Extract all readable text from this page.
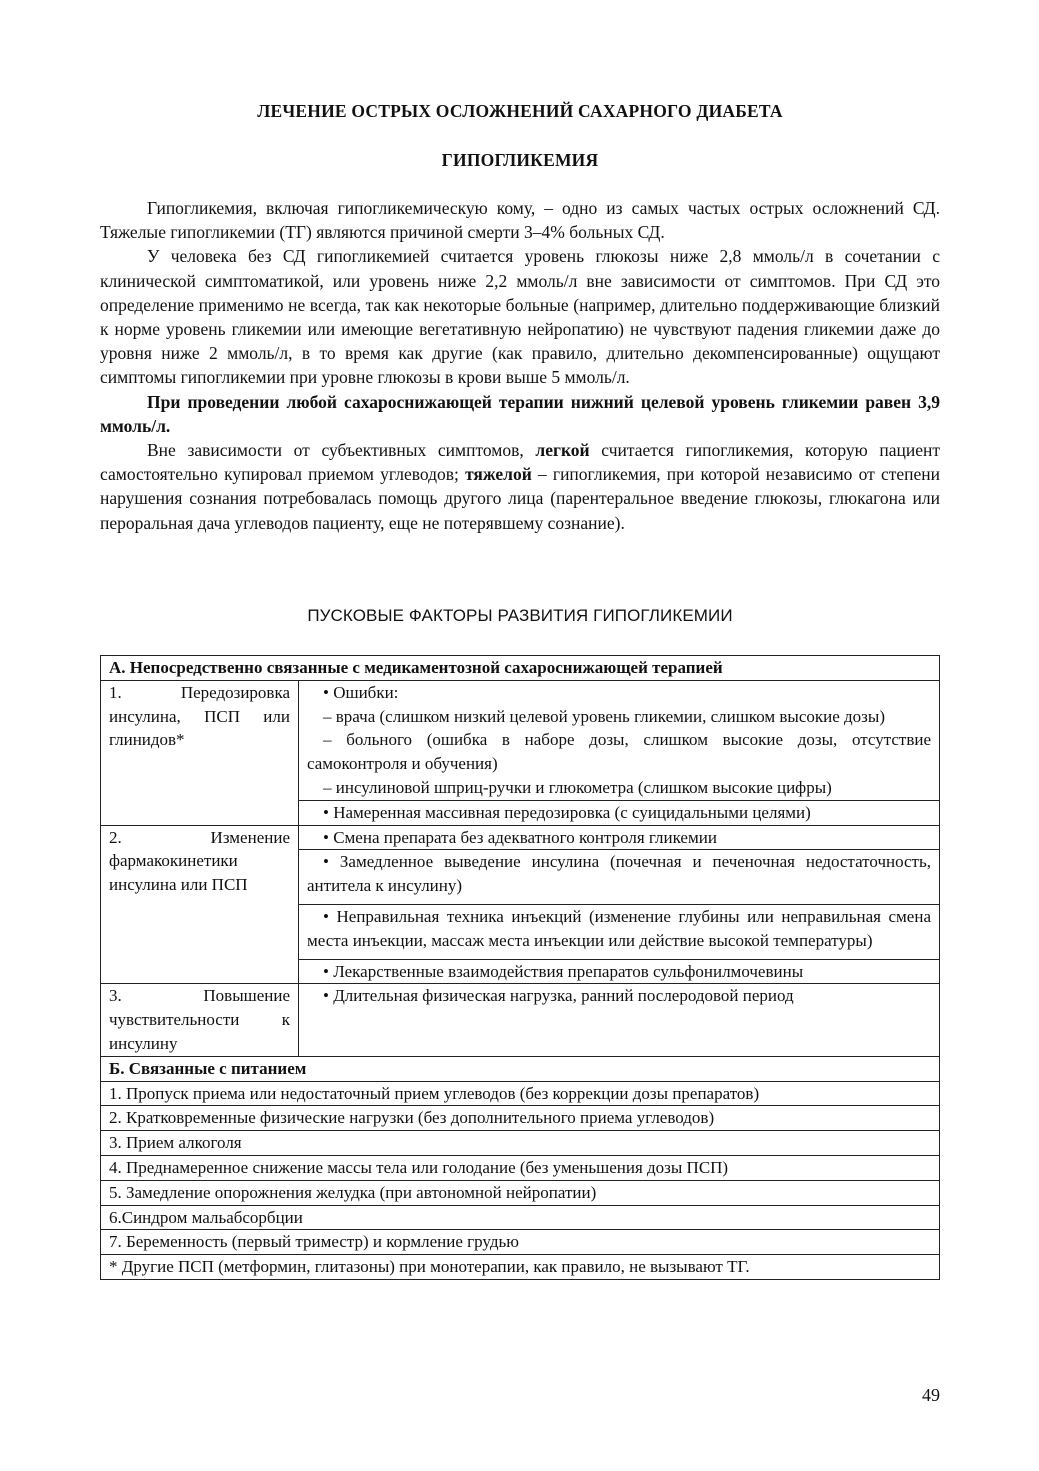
ЛЕЧЕНИЕ ОСТРЫХ ОСЛОЖНЕНИЙ САХАРНОГО ДИАБЕТА
ГИПОГЛИКЕМИЯ

Гипогликемия, включая гипогликемическую кому, – одно из самых частых острых осложнений СД. Тяжелые гипогликемии (ТГ) являются причиной смерти 3–4% больных СД.

У человека без СД гипогликемией считается уровень глюкозы ниже 2,8 ммоль/л в сочетании с клинической симптоматикой, или уровень ниже 2,2 ммоль/л вне зависимости от симптомов. При СД это определение применимо не всегда, так как некоторые больные (например, длительно поддерживающие близкий к норме уровень гликемии или имеющие вегетативную нейропатию) не чувствуют падения гликемии даже до уровня ниже 2 ммоль/л, в то время как другие (как правило, длительно декомпенсированные) ощущают симптомы гипогликемии при уровне глюкозы в крови выше 5 ммоль/л.

При проведении любой сахароснижающей терапии нижний целевой уровень гликемии равен 3,9 ммоль/л.

Вне зависимости от субъективных симптомов, легкой считается гипогликемия, которую пациент самостоятельно купировал приемом углеводов; тяжелой – гипогликемия, при которой независимо от степени нарушения сознания потребовалась помощь другого лица (парентеральное введение глюкозы, глюкагона или пероральная дача углеводов пациенту, еще не потерявшему сознание).

ПУСКОВЫЕ ФАКТОРЫ РАЗВИТИЯ ГИПОГЛИКЕМИИ
А. Непосредственно связанные с медикаментозной сахароснижающей терапией	
1. Передозировка инсулина, ПСП или глинидов*	• Ошибки:

– врача (слишком низкий целевой уровень гликемии, слишком высокие дозы)

– больного (ошибка в наборе дозы, слишком высокие дозы, отсутствие самоконтроля и обучения)

– инсулиновой шприц-ручки и глюкометра (слишком высокие цифры)

	• Намеренная массивная передозировка (с суицидальными целями)

2. Изменение фармакокинетики инсулина или ПСП	• Смена препарата без адекватного контроля гликемии

	• Замедленное выведение инсулина (почечная и печеночная недостаточность, антитела к инсулину)

	• Неправильная техника инъекций (изменение глубины или неправильная смена места инъекции, массаж места инъекции или действие высокой температуры)

	• Лекарственные взаимодействия препаратов сульфонилмочевины

3. Повышение чувствительности к инсулину	• Длительная физическая нагрузка, ранний послеродовой период

Б. Связанные с питанием	
1. Пропуск приема или недостаточный прием углеводов (без коррекции дозы препаратов)	
2. Кратковременные физические нагрузки (без дополнительного приема углеводов)	
3. Прием алкоголя	
4. Преднамеренное снижение массы тела или голодание (без уменьшения дозы ПСП)	
5. Замедление опорожнения желудка (при автономной нейропатии)	
6.Синдром мальабсорбции	
7. Беременность (первый триместр) и кормление грудью	
* Другие ПСП (метформин, глитазоны) при монотерапии, как правило, не вызывают ТГ.	
49
